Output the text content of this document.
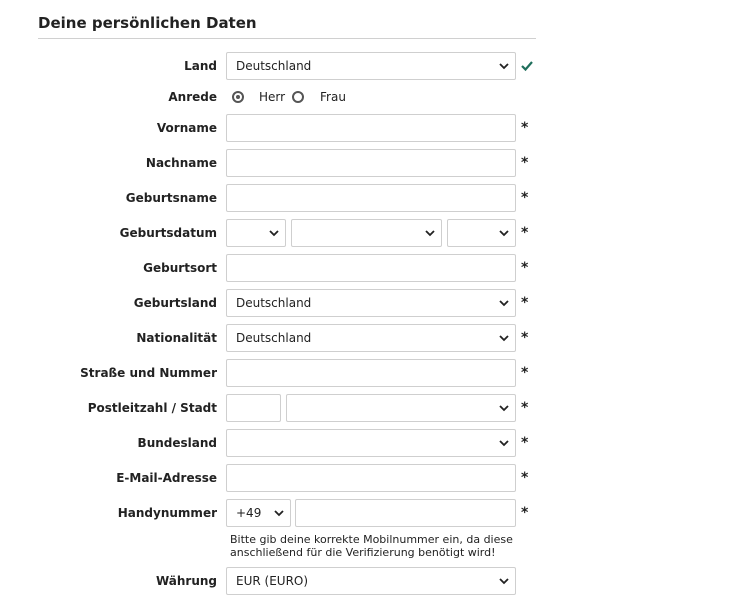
Deine persönlichen Daten
Land Deutschland
Anrede	Herr	Frau
Vorname	*
Nachname	*
Geburtsname	*
Geburtsdatum	*
Geburtsort	*
Geburtsland Deutschland	*
Nationalität Deutschland	*
Straße und Nummer	*
Postleitzahl / Stadt	*
Bundesland	*
E-Mail-Adresse	*
Handynummer +49	*
Bitte gib deine korrekte Mobilnummer ein, da diese anschließend für die Verifizierung benötigt wird!
Währung EUR (EURO)
